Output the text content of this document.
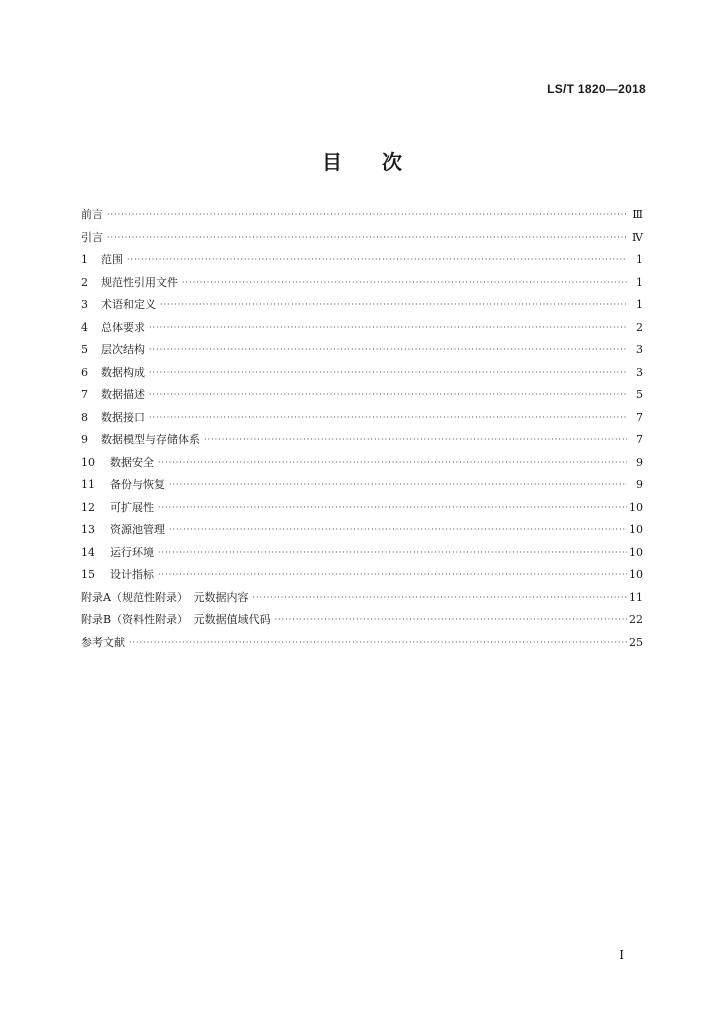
LS/T 1820—2018
目　　次
前言 ·····	Ⅲ
引言 ·····	Ⅳ
1	范围 ·····	1
2	规范性引用文件 ·····	1
3	术语和定义 ·····	1
4	总体要求 ·····	2
5	层次结构 ·····	3
6	数据构成 ·····	3
7	数据描述 ·····	5
8	数据接口 ·····	7
9	数据模型与存储体系 ·····	7
10	数据安全 ·····	9
11	备份与恢复 ·····	9
12	可扩展性 ·····	10
13	资源池管理 ·····	10
14	运行环境 ·····	10
15	设计指标 ·····	10
附录A（规范性附录）　元数据内容 ·····	11
附录B（资料性附录）　元数据值域代码 ·····	22
参考文献 ·····	25
I
